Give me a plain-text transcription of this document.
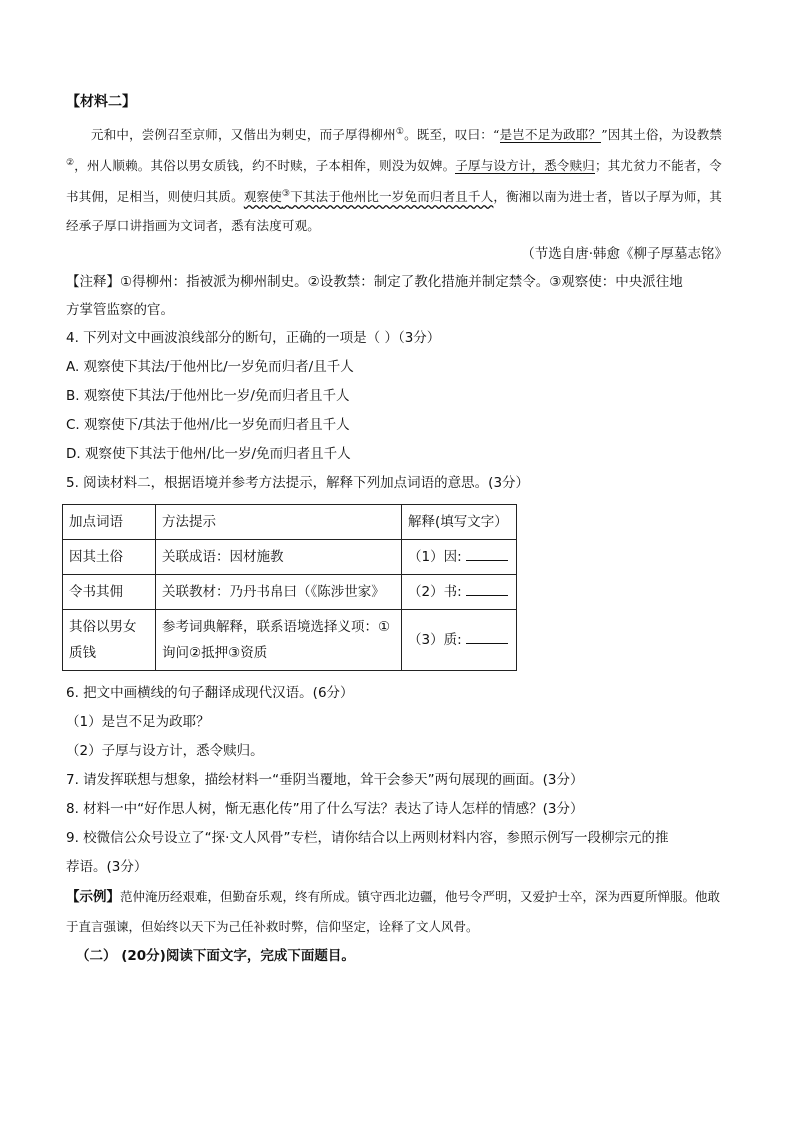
【材料二】
元和中，尝例召至京师，又偕出为刺史，而子厚得柳州①。既至，叹曰：“是岂不足为政耶？”因其土俗，为设教禁②，州人顺赖。其俗以男女质钱，约不时赎，子本相侔，则没为奴婢。子厚与设方计，悉令赎归；其尤贫力不能者，令书其佣，足相当，则使归其质。观察使③下其法于他州比一岁免而归者且千人，衡湘以南为进士者，皆以子厚为师，其经承子厚口讲指画为文词者，悉有法度可观。
（节选自唐·韩愈《柳子厚墓志铭》
【注释】①得柳州：指被派为柳州制史。②设教禁：制定了教化措施并制定禁令。③观察使：中央派往地
方掌管监察的官。
4. 下列对文中画波浪线部分的断句，正确的一项是（ ）（3分）
A. 观察使下其法/于他州比/一岁免而归者/且千人
B. 观察使下其法/于他州比一岁/免而归者且千人
C. 观察使下/其法于他州/比一岁免而归者且千人
D. 观察使下其法于他州/比一岁/免而归者且千人
5. 阅读材料二，根据语境并参考方法提示，解释下列加点词语的意思。(3分）
加点词语	方法提示	解释(填写文字）
因其土俗	关联成语：因材施教	（1）因:
令书其佣	关联教材：乃丹书帛曰（《陈涉世家》	（2）书:
其俗以男女质钱	参考词典解释，联系语境选择义项：①询问②抵押③资质	（3）质:
6. 把文中画横线的句子翻译成现代汉语。(6分）
（1）是岂不足为政耶？
（2）子厚与设方计，悉令赎归。
7. 请发挥联想与想象，描绘材料一“垂阴当覆地，耸干会参天”两句展现的画面。(3分）
8. 材料一中“好作思人树，惭无惠化传”用了什么写法？表达了诗人怎样的情感？(3分）
9. 校微信公众号设立了“探·文人风骨”专栏，请你结合以上两则材料内容，参照示例写一段柳宗元的推
荐语。(3分）
【示例】范仲淹历经艰难，但勤奋乐观，终有所成。镇守西北边疆，他号令严明，又爱护士卒，深为西夏所惮服。他敢于直言强谏，但始终以天下为己任补救时弊，信仰坚定，诠释了文人风骨。
（二） (20分)阅读下面文字，完成下面题目。
